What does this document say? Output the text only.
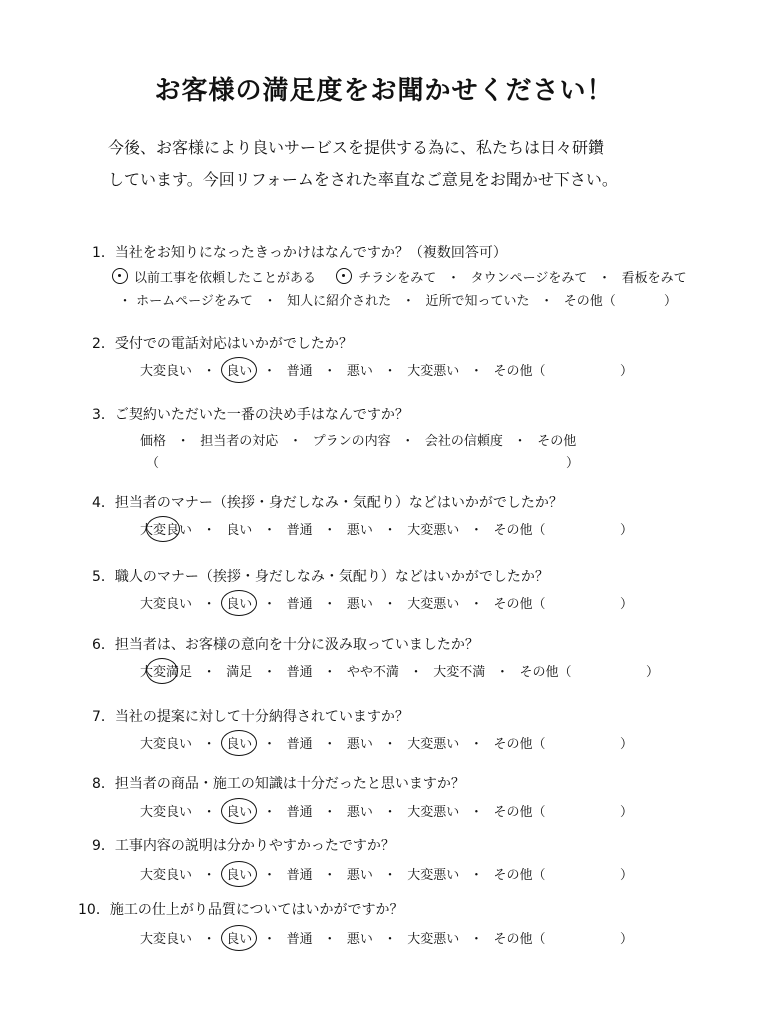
お客様の満足度をお聞かせください！
今後、お客様により良いサービスを提供する為に、私たちは日々研鑽
しています。今回リフォームをされた率直なご意見をお聞かせ下さい。
1．当社をお知りになったきっかけはなんですか？（複数回答可）
以前工事を依頼したことがある	チラシをみて ・ タウンページをみて ・ 看板をみて
・ ホームページをみて ・ 知人に紹介された ・ 近所で知っていた ・ その他（	）
2．受付での電話対応はいかがでしたか？
大変良い ・ 良い ・ 普通 ・ 悪い ・ 大変悪い ・ その他（	）
3．ご契約いただいた一番の決め手はなんですか？
価格 ・ 担当者の対応 ・ プランの内容 ・ 会社の信頼度 ・ その他
（	）
4．担当者のマナー（挨拶・身だしなみ・気配り）などはいかがでしたか？
大変良い ・ 良い ・ 普通 ・ 悪い ・ 大変悪い ・ その他（	）
5．職人のマナー（挨拶・身だしなみ・気配り）などはいかがでしたか？
大変良い ・ 良い ・ 普通 ・ 悪い ・ 大変悪い ・ その他（	）
6．担当者は、お客様の意向を十分に汲み取っていましたか？
大変満足 ・ 満足 ・ 普通 ・ やや不満 ・ 大変不満 ・ その他（	）
7．当社の提案に対して十分納得されていますか？
大変良い ・ 良い ・ 普通 ・ 悪い ・ 大変悪い ・ その他（	）
8．担当者の商品・施工の知識は十分だったと思いますか？
大変良い ・ 良い ・ 普通 ・ 悪い ・ 大変悪い ・ その他（	）
9．工事内容の説明は分かりやすかったですか？
大変良い ・ 良い ・ 普通 ・ 悪い ・ 大変悪い ・ その他（	）
10．施工の仕上がり品質についてはいかがですか？
大変良い ・ 良い ・ 普通 ・ 悪い ・ 大変悪い ・ その他（	）
